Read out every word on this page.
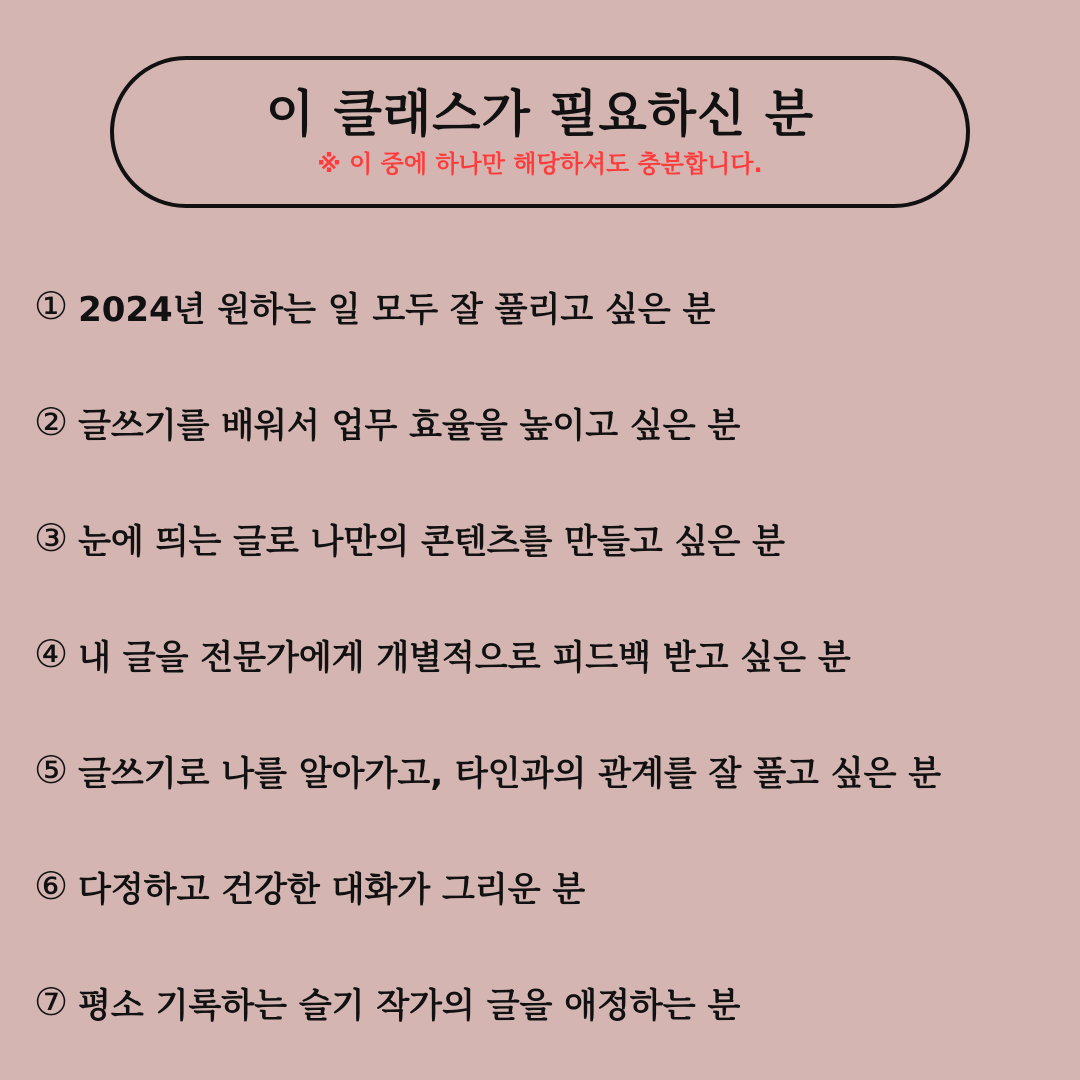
이 클래스가 필요하신 분
※ 이 중에 하나만 해당하셔도 충분합니다.
① 2024년 원하는 일 모두 잘 풀리고 싶은 분
② 글쓰기를 배워서 업무 효율을 높이고 싶은 분
③ 눈에 띄는 글로 나만의 콘텐츠를 만들고 싶은 분
④ 내 글을 전문가에게 개별적으로 피드백 받고 싶은 분
⑤ 글쓰기로 나를 알아가고, 타인과의 관계를 잘 풀고 싶은 분
⑥ 다정하고 건강한 대화가 그리운 분
⑦ 평소 기록하는 슬기 작가의 글을 애정하는 분
